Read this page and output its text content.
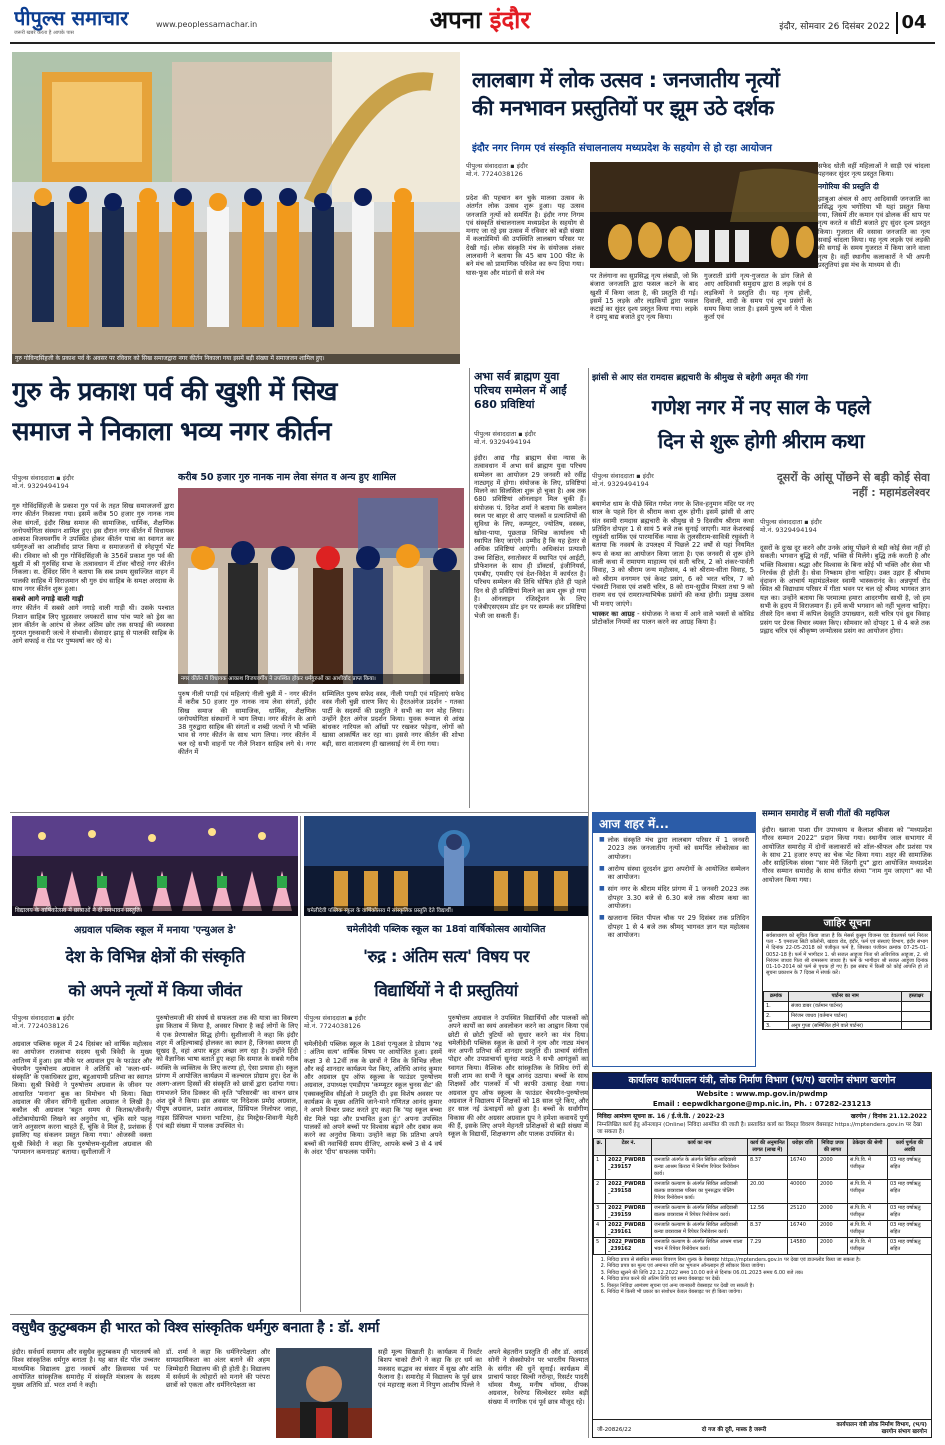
पीपुल्स समाचार
जरूरी खबरें करता है आपके पास
www.peoplessamachar.in	अपना इंदौर	इंदौर, सोमवार 26 दिसंबर 2022 04
गुरु गोविन्दसिंहजी के प्रकाश पर्व के अवसर पर रविवार को सिख समाजद्वारा नगर कीर्तन निकाला गया इसमें बड़ी संख्या में समाजजन शामिल हुए।
लालबाग में लोक उत्सव : जनजातीय नृत्यों
की मनभावन प्रस्तुतियों पर झूम उठे दर्शक
इंदौर नगर निगम एवं संस्कृति संचालनालय मध्यप्रदेश के सहयोग से हो रहा आयोजन
पीपुल्स संवाददाता ▪ इंदौर
मो.नं. 7724038126
प्रदेश की पहचान बन चुके मालवा उत्सव के अंतर्गत लोक उत्सव शुरू हुआ। यह उत्सव जनजाति नृत्यों को समर्पित है। इंदौर नगर निगम एवं संस्कृति संचालनालय मध्यप्रदेश के सहयोग से मनाए जा रहे इस उत्सव में रविवार को बड़ी संख्या में कलाप्रेमियों की उपस्थिति लालबाग परिसर पर देखी गई। लोक संस्कृति मंच के संयोजक शंकर लालवानी ने बताया कि 45 बाय 100 फीट के बने मंच को प्रामाणिक परिवेश का रूप दिया गया। घास-फूस और मांडनों से सजे मंच	पर तेलंगाना का सुप्रसिद्ध नृत्य लंबाडी, जो कि बंजारा जनजाति द्वारा फसल कटने के बाद खुशी में किया जाता है, की प्रस्तुति दी गई। इसमें 15 लड़के और लड़कियों द्वारा फसल कटाई का सुंदर दृश्य प्रस्तुत किया गया। लड़के ने दमपू बाद्य बजाते हुए नृत्य किया।
गुजराती डांगी नृत्य-गुजरात के डांग जिले से आए आदिवासी समुदाय द्वारा 8 लड़के एवं 8 लड़कियों ने प्रस्तुति दी। यह नृत्य होली, दिवाली, शादी के समय एवं शुभ प्रसंगों के समय किया जाता है। इसमें पुरुष वर्ग ने पीला कुर्ता एवं
सफेद धोती वहीं महिलाओं ने साड़ी एवं चांदला पहनकर सुंदर नृत्य प्रस्तुत किया।
नगोरिया की प्रस्तुति दी
झाबुआ अंचल से आए आदिवासी जनजाति का प्रसिद्ध नृत्य भगोरिया भी यहां प्रस्तुत किया गया, जिसमें तीर कमान एवं ढोलक की थाप पर नृत्य करते व सीटी बजाते हुए सुंदर दृश्य प्रस्तुत किया। गुजरात की वसावा जनजाति का नृत्य सवाई चांदला किया। यह नृत्य लड़के एवं लड़की की सगाई के समय गुजरात में किया जाने वाला नृत्य है। वहीं स्थानीय कलाकारों ने भी अपनी प्रस्तुतियां इस मंच के माध्यम से दी।
गुरु के प्रकाश पर्व की खुशी में सिख
समाज ने निकाला भव्य नगर कीर्तन
करीब 50 हजार गुरु नानक नाम लेवा संगत व अन्य हुए शामिल
पीपुल्स संवाददाता ▪ इंदौर
मो.नं. 9329494194
गुरु गोविंदसिंहजी के प्रकाश गुरु पर्व के तहत सिख समाजजनों द्वारा नगर कीर्तन निकाला गया। इसमें करीब 50 हजार गुरु नानक नाम लेवा संगतों, इंदौर सिख समाज की सामाजिक, धार्मिक, शैक्षणिक जनोपयोगिता संस्थान शामिल हुए। इस दौरान नगर कीर्तन में विधायक आकाश विजयवर्गीय ने उपस्थित होकर कीर्तन यात्रा का स्वागत कर धर्मगुरुओं का आशीर्वाद प्राप्त किया व समाजजनों से स्नेहपूर्ण भेंट की। रविवार को श्री गुरु गोविंदसिंहजी के 356वें प्रकाश गुरु पर्व की खुशी में श्री गुरुसिंह सभा के तत्वावधान में टॉवर चौराहे नगर कीर्तन निकला। स. देविंदर सिंग ने बताया कि सब प्रथम सुसज्जित वाहन में पालकी साहिब में विराजमान श्री गुरु ग्रंथ साहिब के समक्ष अरदास के साथ नगर कीर्तन शुरू हुआ।
सबसे आगे नगाड़े वाली गाड़ी
नगर कीर्तन में सबसे आगे नगाड़े वाली गाड़ी थी। उसके पश्चात निशान साहिब लिए घुड़सवार जयकारों साथ पांच प्यारे को ड्रेस का ज्ञान कीर्तन के आरंभ से लेकर अंतिम छोर तक सफाई की व्यवस्था गुरमत गुरुसवारी जत्थे ने संभाली। सेवादार झाड़ू से पालकी साहिब के आगे सफाई व रोड पर पुष्पवर्षा कर रहे थे।
नगर कीर्तन में विधायक आकाश विजयवर्गीय ने उपस्थित होकर धर्मगुरुओं का आशीर्वाद प्राप्त किया।
पुरुष नीली पगड़ी एवं महिलाएं नीली चुन्नी में - नगर कीर्तन में करीब 50 हजार गुरु नानक नाम लेवा संगतों, इंदौर सिख समाज की सामाजिक, धार्मिक, शैक्षणिक जनोपयोगिता संस्थानों ने भाग लिया। नगर कीर्तन के आगे 38 गुरुद्वारा साहिब की संगतों व शब्दी जत्थों ने भी भक्ति भाव से नगर कीर्तन के साथ भाग लिया। नगर कीर्तन में चल रहे सभी वाहनों पर नीले निशान साहिब लगे थे। नगर कीर्तन में
सम्मिलित पुरुष सफेद वस्त्र, नीली पगड़ी एवं महिलाएं सफेद वस्त्र नीली चुन्नी धारण किए थे। हैरतअंगेज प्रदर्शन - गतका पार्टी के सदस्यों की प्रस्तुति ने सभी का मन मोह लिया। उन्होंने हैरत अंगेज प्रदर्शन किया। युवक रूमाल से आंख बांधकर नारियल को आँखों पर रखकर फोड़ना, लोगों को खासा आकर्षित कर रहा था। इससे नगर कीर्तन की शोभा बढ़ी, सारा वातावरण ही खालसाई रंग में रंगा गया।
अभा सर्व ब्राह्मण युवा परिचय सम्मेलन में आईं 680 प्रविष्टियां
पीपुल्स संवाददाता ▪ इंदौर
मो.नं. 9329494194
इंदौर। आद्य गौड़ ब्राह्मण सेवा न्यास के तत्वावधान में अभा सर्व ब्राह्मण युवा परिचय सम्मेलन का आयोजन 29 जनवरी को रवींद्र नाट्यगृह में होगा। संयोजक के लिए, प्रविष्टियां मिलने का सिलसिला शुरू हो चुका है। अब तक 680 प्रविष्टियां ऑनलाइन मिल चुकी हैं। संयोजक पं. दिनेश शर्मा ने बताया कि सम्मेलन स्थल पर बाहर से आए पालकों व प्रत्याशियों की सुविधा के लिए, कम्प्यूटर, ज्योतिष, वस्त्रक, खोवा-पाया, पूछताछ विभिन्न कार्यालय भी स्थापित किए जाएंगे। उम्मीद है कि यह हेतार से अधिक प्रविष्टियां आएंगी। अधिकांश प्रत्याशी उच्च शिक्षित, स्नातोकार में स्थापित एवं आईटी, प्रौफेशनल के साथ ही डॉक्टर्स, इंजीनियर्स, एमबीए, एमसीए एवं देश-विदेश में कार्यरत है। परिचय सम्मेलन की तिथि घोषित होते ही पहले दिन से ही प्रविष्टियां मिलने का क्रम शुरू हो गया है। ऑनलाइन रजिस्ट्रेशन के लिए एजेबीएसएसम डॉट इन पर सम्पर्क कर प्रविष्टियां भेजी जा सकती हैं।
झांसी से आए संत रामदास ब्रह्मचारी के श्रीमुख से बहेगी अमृत की गंगा
गणेश नगर में नए साल के पहले
दिन से शुरू होगी श्रीराम कथा
पीपुल्स संवाददाता ▪ इंदौर
मो.नं. 9329494194
बयाणेश धाम के पीछे स्थित गणेश नगर के शिव-हनुमान मंदिर पर नए साल के पहले दिन से श्रीराम कथा शुरू होगी। इसमें झांसी से आए संत स्वामी रामदास ब्रह्मचारी के श्रीमुख से 9 दिवसीय श्रीराम कथा प्रतिदिन दोपहर 1 से सायं 5 बजे तक सुनाई जाएगी। मात केशरबाई रघुवंशी धार्मिक एवं पारमार्थिक न्यास के तुलसीराम-सावित्री रघुवंशी ने बताया कि नववर्ष के उपलक्ष्य में पिछले 22 वर्षों से यहां नियमित रूप से कथा का आयोजन किया जाता है। एक जनवरी से शुरू होने वाली कथा में रामायण माहात्म्य एवं सती चरित्र, 2 को शंकर-पार्वती विवाह, 3 को श्रीराम जन्म महोत्सव, 4 को श्रीराम-सीता विवाह, 5 को श्रीराम वनगमन एवं केवट प्रसंग, 6 को भरत चरित्र, 7 को पंचवटी निवास एवं शबरी चरित्र, 8 को राम-सुग्रीव मित्रता तथा 9 को रावण वध एवं रामराज्याभिषेक प्रसंगों की कथा होगी। प्रमुख उत्सव भी मनाए जाएंगे।
भास्कर का आग्रह - संयोजक ने कथा में आने वाले भक्तों से कोविड प्रोटोकॉल नियमों का पालन करने का आग्रह किया है।
दूसरों के आंसू पोंछने से बड़ी कोई सेवा नहीं : महामंडलेश्वर
पीपुल्स संवाददाता ▪ इंदौर
मो.नं. 9329494194
दूसरों के दुःख दूर करने और उनके आंसू पोंछने से बड़ी कोई सेवा नहीं हो सकती। भगवान बुद्धि से नहीं, भक्ति से मिलेंगे। बुद्धि तर्क करती है और भक्ति विश्वास। श्रद्धा और विश्वास के बिना कोई भी भक्ति और सेवा भी निरर्थक ही होती है। सेवा निष्काम होना चाहिए। उक्त उद्गार हैं श्रीधाम वृंदावन के आचार्य महामंडलेश्वर स्वामी भास्करानंद के। अन्नपूर्णा रोड स्थित श्री विद्याधाम परिसर में गीता भवन पर चल रहे श्रीमद भागवत ज्ञान यज्ञ का। उन्होंने बताया कि परमात्मा हमारा आदरणीय साथी है, जो हम सभी के हृदय में विराजमान हैं। हमें कभी भगवान को नहीं भूलना चाहिए। तीसरे दिन कथा में कपिल देवहूति उपाख्यान, सती चरित्र एवं ध्रुव विवाह प्रसंग पर प्रेरक विचार व्यक्त किए। सोमवार को दोपहर 1 से 4 बजे तक प्रह्लाद चरित्र एवं श्रीकृष्ण जन्मोत्सव प्रसंग का आयोजन होगा।
आज शहर में...
■ लोक संस्कृति मंच द्वारा लालबाग परिसर में 1 जनवरी 2023 तक जनजातीय नृत्यों को समर्पित लोकोत्सव का आयोजन।
■ आरोग्य संस्था दूरदर्शन द्वारा अपरोगों के आयोजित सम्मेलन का आयोजन।
■ सांग नगर के श्रीराम मंदिर प्रांगण में 1 जनवरी 2023 तक दोपहर 3.30 बजे से 6.30 बजे तक श्रीराम कथा का आयोजन।
■ खजराना स्थित पीपल चौक पर 29 दिसंबर तक प्रतिदिन दोपहर 1 से 4 बजे तक श्रीमद् भागवत ज्ञान यज्ञ महोत्सव का आयोजन।
सम्मान समारोह में सजी गीतों की महफिल
इंदौर। ख्वाजा पाशा ग्रीन उपाध्याय व कैलाश श्रीवास को "मध्यप्रदेश गौरव सम्मान 2022" प्रदान किया गया। स्थानीय जाल सभागार में आयोजित समारोह में दोनों कलाकारों को शॉल-श्रीफल और प्रशंसा पत्र के साथ 21 हजार रुपए का चेक भेंट किया गया। शहर की सामाजिक और साहित्यिक संस्था "सार मेरी जिंदगी टूप" द्वारा आयोजित मध्यप्रदेश गौरव सम्मान समारोह के साथ संगीत संध्या "नाम गुम जाएगा" का भी आयोजन किया गया।
जाहिर सूचना
सर्वसाधारण को सूचित किया जाता है कि मेसर्स कुसुम विजन्स एंड डेवलपर्स फर्म निरंतर पता - 5 एमराल्ड सिटी कॉलोनी, खंडवा रोड, इंदौर, फर्म एवं संस्थाएं विभाग, इंदौर संभाग में दिनांक 22-05-2018 को पंजीकृत फर्म है, जिसका पंजीयन क्रमांक 07-25-01-0052-18 है। फर्म में भागीदार 1. श्री सजल आहूजा पिता श्री अविरशिक आहूजा, 2. श्री निरंजन जाधव पिता श्री रामसरूप जाधव है। फर्म के भागीदार श्री सजल आहूजा दिनांक 01-10-2014 को फर्म से पृथक हो गए हैं। इस संबंध में किसी को कोई आपत्ति हो तो सूचना प्रकाशन के 7 दिवस में संपर्क करें।
क्रमांक	पार्टनर का नाम	हस्ताक्षर
1.	संजय डाबर (वर्तमान पार्टनर)	
2.	निरंजन जाधव (वर्तमान पार्टनर)	
3.	अनूप गुप्ता (सम्मिलित होने वाले पार्टनर)	
विद्यालय के वार्षिकोत्सव में छात्राओं ने दी मनभावन प्रस्तुति।
अग्रवाल पब्लिक स्कूल में मनाया 'एन्युअल डे'
देश के विभिन्न क्षेत्रों की संस्कृति
को अपने नृत्यों में किया जीवंत
पीपुल्स संवाददाता ▪ इंदौर
मो.नं. 7724038126
अग्रवाल पब्लिक स्कूल में 24 दिसंबर को वार्षिक महोत्सव का आयोजन राजवाभा सदस्य सुश्री त्रिवेदी के मुख्य आतिथ्य में हुआ। इस मौके पर अग्रवाल ग्रुप के फाउंडर और चेयरमैन पुरुषोत्तम अग्रवाल ने अतिथि को 'कला-धर्म-संस्कृति' के एकाधिकार द्वारा, बहुआयामी प्रतिभा का स्वागत किया। सुश्री त्रिवेदी ने पुरुषोत्तम अग्रवाल के जीवन पर आधारित 'मनाना' बुक का विमोचन भी किया। विद्या अग्रवाल की जीवन संगिनी सुशीला अग्रवाल ने लिखी है। बकौल श्री अग्रवाल 'बहुत समय से किताब/जीवनी/ऑटोबायोग्राफी लिखने का अनुरोध था, चूंकि सारे पहलू जाने अनुसरण करना चाहते हैं, चूंकि वे मिल है, प्रशंसक हैं इसलिए यह संकलन प्रस्तुत किया गया।' ओजस्वी वक्ता सुश्री त्रिवेदी ने कहा कि पुरुषोत्तम-सुशीला अग्रवाल की 'पगमानन कमनाप्रह' बताया। सुशीलाजी ने
पुरुषोत्तमजी की संघर्ष से सफलता तक की यात्रा का विवरण इस किताब में किया है, अवसर विचार है कई लोगों के लिए ये एक प्रेरणास्रोत सिद्ध होगी। सुशीलाजी ने कहा कि इंदौर शहर में अहिल्याबाई होलकर का स्थान है, जिनका स्मरण ही सुखद है, वहां अपार बहुत अच्छा लग रहा है। उन्होंने हिंदी को वैज्ञानिक भाषा बताते हुए कहा कि समाज के सबसे गरीब व्यक्ति के व्यक्तित्व के लिए करणा हो, ऐसा प्रयास हो। स्कूल प्रांगण में आयोजित कार्यक्रम में कल्चरल प्रोग्राम हुए। देश के अलग-अलग हिस्सों की संस्कृति को छात्रों द्वारा दर्शाया गया। रामभजने शिव डिक्कर की कृति 'परिसरबी' का वाचन छात्र अंश दुबे ने किया। इस अवसर पर निदेशक प्रमोद अग्रवाल, पीयूष अग्रवाल, प्रशांत अग्रवाल, प्रिंसिपल निलोफर जाहा, नाइस प्रिंसिपल भावना भाटिया, हेड मिस्ट्रेस-शिवानी मेहरी एवं बड़ी संख्या में पालक उपस्थित थे।
चमेलीदेवी पब्लिक स्कूल के वार्षिकोत्सव में सांस्कृतिक प्रस्तुति देते विद्यार्थी।
चमेलीदेवी पब्लिक स्कूल का 18वां वार्षिकोत्सव आयोजित
'रुद्र : अंतिम सत्य' विषय पर
विद्यार्थियों ने दी प्रस्तुतियां
पीपुल्स संवाददाता ▪ इंदौर
मो.नं. 7724038126
चमेलीदेवी पब्लिक स्कूल के 18वां एन्युअल डे प्रोग्राम 'रुद्र : अंतिम सत्य' वार्षिक विषय पर आयोजित हुआ। इसमें कक्षा 3 से 12वीं तक के छात्रों ने शिव के विभिन्न लीला और कई शानदार कार्यक्रम पेश किए, अतिथि आनंद कुमार और अग्रवाल ग्रुप ऑफ स्कूल्स के फाउंडर पुरुषोत्तम अग्रवाल, उपाध्यक्ष एमडीएम 'कम्प्यूटर स्कूल चुनस सेट' की एक्सक्लूसिव सीईओ ने प्रस्तुति दी। इस विशेष अवसर पर कार्यक्रम के मुख्य अतिथि जाने-माने गणितज्ञ आनंद कुमार ने अपने विचार प्रकट करते हुए कहा कि 'यह स्कूल बच्चा सेट मिले पढ़ा और प्रभावित हुआ हूं।' अपना उपस्थित पालकों को अपने बच्चों पर विश्वास बढ़ाने और दबाव कम करने का अनुरोध किया। उन्होंने कहा कि प्रतिभा अपने बच्चों की नवाचिंदी समय दीजिए, आपके बच्चे 3 से 4 वर्ष के अंदर 'दीप' सफलक पायेंगे।
पुरुषोत्तम अग्रवाल ने उपस्थित विद्यार्थियों और पालकों को अपने कार्यों का स्वयं अवलोकन करने का आह्वान किया एवं छोटी से छोटी त्रुटियों को सुधार करने का मंत्र दिया। चमेलीदेवी पब्लिक स्कूल के छात्रों ने नृत्य और नाट्य मंचन कर अपनी प्रतिभा की शानदार प्रस्तुति दी। प्राचार्य संगीता पोद्दार और उपप्राचार्या सुनंदा मराठे ने सभी आगंतुकों का स्वागत किया। वैश्विक और सांस्कृतिक के विविध रंगों से सजी शाम का सभी ने खूब आनंद उठाया। बच्चों के साथ शिक्षकों और पालकों में भी काफी उत्साह देखा गया। अग्रवाल ग्रुप ऑफ स्कूल्स के फाउंडर चेयरमैन-पुरुषोत्तम अग्रवाल ने विद्यालय में शिक्षकों को 18 साल पूरे किए, और हर साल नई ऊंचाइयों को छुआ है। बच्चों के सर्वांगीण विकास की ओर अग्रसर अग्रवाल ग्रुप ने हमेशा कवायदें पूर्ण की हैं, इसके लिए अपने मेहनती प्रशिक्षकों से बड़ी संख्या में स्कूल के विद्यार्थी, शिक्षकगण और पालक उपस्थित थे।
कार्यालय कार्यपालन यंत्री, लोक निर्माण विभाग (भ/प) खरगोन संभाग खरगोन
Website : www.mp.gov.in/pwdmp
Email : eepwdkhargone@mp.nic.in, Ph. : 07282-231213
निविदा आमंत्रण सूचना क्र. 16 / ई.जे.डि. / 2022-23	खरगोन / दिनांक 21.12.2022
निम्नलिखित कार्य हेतु ऑनलाइन (Online) निविदा आमंत्रित की जाती है। प्रस्तावित कार्य का विस्तृत विवरण वेबसाइट https://mptenders.gov.in पर देखा जा सकता है।
क्र.	टेंडर नं.	कार्य का नाम	कार्य की अनुमानित लागत (लाख में)	धरोहर राशि	निविदा प्रपत्र की लागत	ठेकेदार की श्रेणी	कार्य पूर्णता की अवधि
1	2022_PWDRB _239157	जनजाति अंतर्गत के अंतर्गत सिविल आदिवासी कन्या आश्रम किरारा में निर्माण रिपेयर रिनोवेशन कार्य।	8.37	16740	2000	सं.पि.वि. में पंजीकृत	03 माह वर्षाऋतु सहित
2	2022_PWDRB _239158	जनजाति कल्याण के अंतर्गत सिविल आदिवासी बालक छात्रावास परिसर का पुनरुद्धार पोलिंग रिपेयर रिनोवेशन कार्य।	20.00	40000	2000	सं.पि.वि. में पंजीकृत	03 माह वर्षाऋतु सहित
3	2022_PWDRB _239159	जनजाति कल्याण के अंतर्गत सिविल आदिवासी बालक छात्रावास में रिपेयर रिनोवेशन कार्य।	12.56	25120	2000	सं.पि.वि. में पंजीकृत	03 माह वर्षाऋतु सहित
4	2022_PWDRB _239161	जनजाति कल्याण के अंतर्गत सिविल आदिवासी कन्या छात्रावास में रिपेयर रिनोवेशन कार्य।	8.37	16740	2000	सं.पि.वि. में पंजीकृत	03 माह वर्षाऋतु सहित
5	2022_PWDRB _239162	जनजाति कल्याण के अंतर्गत सिविल आश्रम शाला भवन में रिपेयर रिनोवेशन कार्य।	7.29	14580	2000	सं.पि.वि. में पंजीकृत	03 माह वर्षाऋतु सहित
1. निविदा प्रपत्र से संबंधित समस्त विवरण बिना शुल्क के वेबसाइट https://mptenders.gov.in पर देखा एवं डाउनलोड किया जा सकता है।
2. निविदा प्रपत्र का मूल्य एवं अमानत राशि का भुगतान ऑनलाइन ही स्वीकार किया जावेगा।
3. निविदा खुलने की तिथि 22.12.2022 समय 10.00 बजे से दिनांक 06.01.2023 समय 6.00 बजे तक।
4. निविदा प्राप्त करने की अंतिम तिथि एवं समय वेबसाइट पर देखें।
5. विस्तृत निविदा आमंत्रण सूचना एवं अन्य जानकारी वेबसाइट पर देखी जा सकती है।
6. निविदा में किसी भी प्रकार का संशोधन केवल वेबसाइट पर ही किया जावेगा।
जी-20826/22	दो गज की दूरी, मास्क है जरूरी
कार्यपालन यंत्री लोक निर्माण विभाग, (भ/प)
खरगोन संभाग खरगोन
वसुधैव कुटुम्बकम ही भारत को विश्व सांस्कृतिक धर्मगुरु बनाता है : डॉ. शर्मा
इंदौर। सर्वधर्म समागम और वसुधैव कुटुम्बकम ही भारतवर्ष को विश्व सांस्कृतिक धर्मगुरु बनाता है। यह बात सेंट पॉल उच्चतर माध्यमिक विद्यालय द्वारा नववर्ष और क्रिसमस पर्व पर आयोजित सांस्कृतिक समारोह में संस्कृति मंत्रालय के सदस्य मुख्य अतिथि डॉ. भरत शर्मा ने कही।
डॉ. शर्मा ने कहा कि धर्मनिरपेक्षता और साम्प्रदायिकता का अंतर बताने की अहम जिम्मेदारी विद्यालय की ही होती है। विद्यालय में सर्वधर्म के त्योहारों को मनाने की परंपरा छात्रों को एकता और धर्मनिरपेक्षता का
सही मूल्य सिखाती है। कार्यक्रम में रिवर्टर बिशप चाको टीन्गे ने कहा कि हर धर्म का मकसद सद्भाव का संसार में सुख और शांति फैलाना है। समारोह में विद्यालय के पूर्व छात्र एवं महाराष्ट्र कला में निपुण आशीष पिल्ले ने
अपने बेहतरीन प्रस्तुति दी और डॉ. आदर्श सोनी ने सेक्सोफोन पर भारतीय फिल्मात के संगीत की धुनें सुनाईं। कार्यक्रम में प्राचार्य फादर सिल्वी नरोन्हा, रिसर्टर पादरी थॉमस मैथ्यू, मनीष थॉमस, दीपक अग्रवाल, रेवरेण्ड सिल्वेस्टर समेत बड़ी संख्या में नगरिक एवं पूर्व छात्र मौजूद रहे।
